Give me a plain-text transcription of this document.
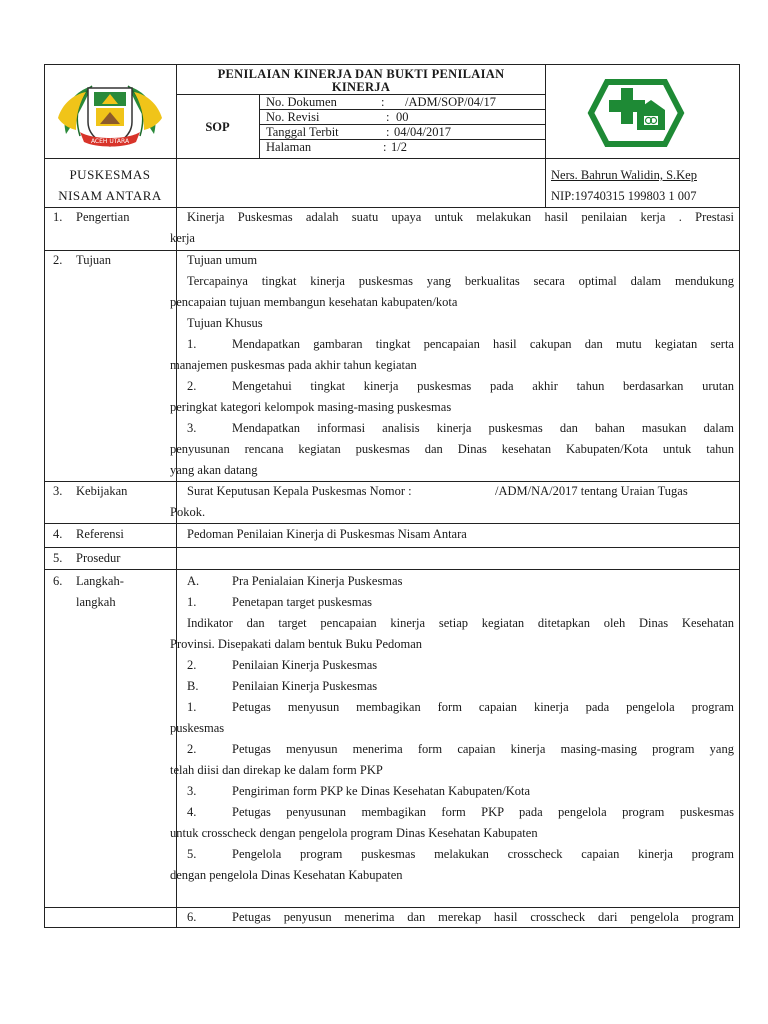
ACEH UTARA
PENILAIAN KINERJA DAN BUKTI PENILAIAN
KINERJA
SOP
No. Dokumen	: /ADM/SOP/04/17
No. Revisi	: 00
Tanggal Terbit	: 04/04/2017
Halaman	: 1/2
PUSKESMAS
NISAM ANTARA
Ners. Bahrun Walidin, S.Kep
NIP:19740315 199803 1 007
1. Pengertian	Kinerja Puskesmas adalah suatu upaya untuk melakukan hasil penilaian kerja . Prestasi
kerja
2. Tujuan	Tujuan umum
Tercapainya tingkat kinerja puskesmas yang berkualitas secara optimal dalam mendukung
pencapaian tujuan membangun kesehatan kabupaten/kota
Tujuan Khusus
1.	Mendapatkan gambaran tingkat pencapaian hasil cakupan dan mutu kegiatan serta
manajemen puskesmas pada akhir tahun kegiatan
2.	Mengetahui tingkat kinerja puskesmas pada akhir tahun berdasarkan urutan
peringkat kategori kelompok masing-masing puskesmas
3.	Mendapatkan informasi analisis kinerja puskesmas dan bahan masukan dalam
penyusunan rencana kegiatan puskesmas dan Dinas kesehatan Kabupaten/Kota untuk tahun
yang akan datang
3. Kebijakan	Surat Keputusan Kepala Puskesmas Nomor :	/ADM/NA/2017 tentang Uraian Tugas
Pokok.
4. Referensi	Pedoman Penilaian Kinerja di Puskesmas Nisam Antara
5. Prosedur
6. Langkah-
langkah
A.	Pra Penialaian Kinerja Puskesmas
1.	Penetapan target puskesmas
Indikator dan target pencapaian kinerja setiap kegiatan ditetapkan oleh Dinas Kesehatan
Provinsi. Disepakati dalam bentuk Buku Pedoman
2.	Penilaian Kinerja Puskesmas
B.	Penilaian Kinerja Puskesmas
1.	Petugas menyusun membagikan form capaian kinerja pada pengelola program
puskesmas
2.	Petugas menyusun menerima form capaian kinerja masing-masing program yang
telah diisi dan direkap ke dalam form PKP
3.	Pengiriman form PKP ke Dinas Kesehatan Kabupaten/Kota
4.	Petugas penyusunan membagikan form PKP pada pengelola program puskesmas
untuk crosscheck dengan pengelola program Dinas Kesehatan Kabupaten
5.	Pengelola program puskesmas melakukan crosscheck capaian kinerja program
dengan pengelola Dinas Kesehatan Kabupaten
6.	Petugas penyusun menerima dan merekap hasil crosscheck dari pengelola program
